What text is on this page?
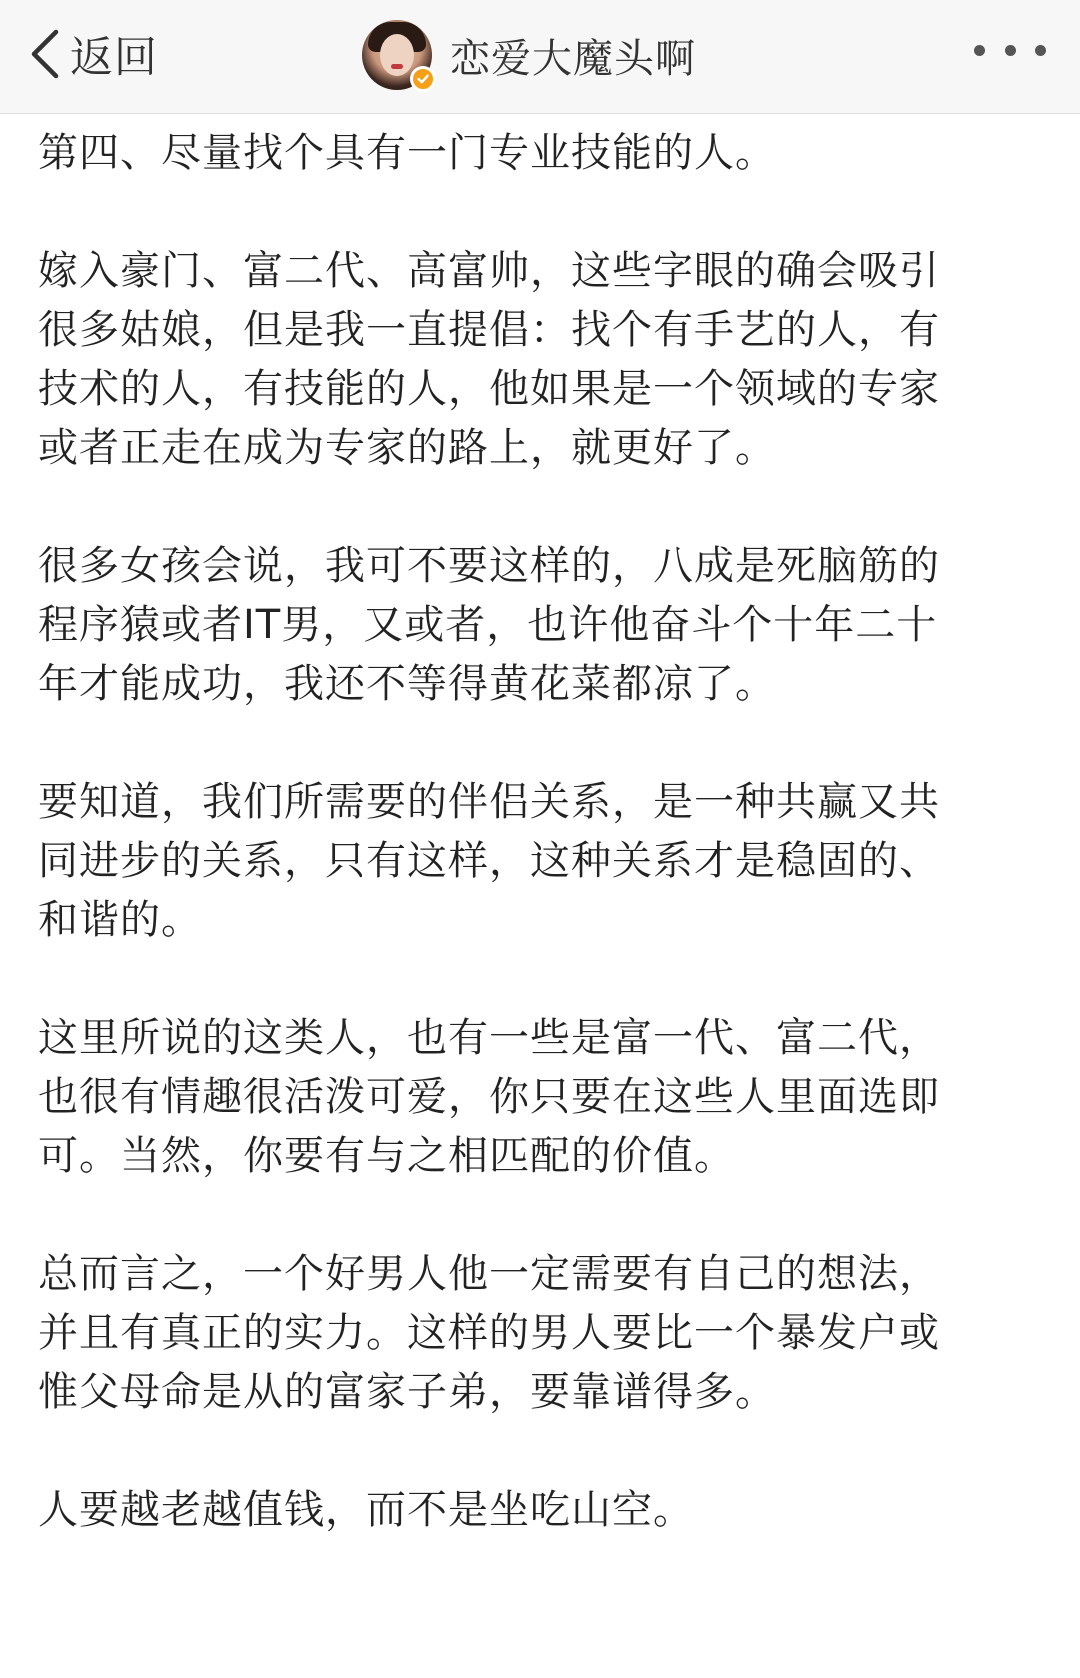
返回	恋爱大魔头啊

第四、尽量找个具有一门专业技能的人。

嫁入豪门、富二代、高富帅，这些字眼的确会吸引
很多姑娘，但是我一直提倡：找个有手艺的人，有
技术的人，有技能的人，他如果是一个领域的专家
或者正走在成为专家的路上，就更好了。

很多女孩会说，我可不要这样的，八成是死脑筋的
程序猿或者IT男，又或者，也许他奋斗个十年二十
年才能成功，我还不等得黄花菜都凉了。

要知道，我们所需要的伴侣关系，是一种共赢又共
同进步的关系，只有这样，这种关系才是稳固的、
和谐的。

这里所说的这类人，也有一些是富一代、富二代，
也很有情趣很活泼可爱，你只要在这些人里面选即
可。当然，你要有与之相匹配的价值。

总而言之，一个好男人他一定需要有自己的想法，
并且有真正的实力。这样的男人要比一个暴发户或
惟父母命是从的富家子弟，要靠谱得多。

人要越老越值钱，而不是坐吃山空。
